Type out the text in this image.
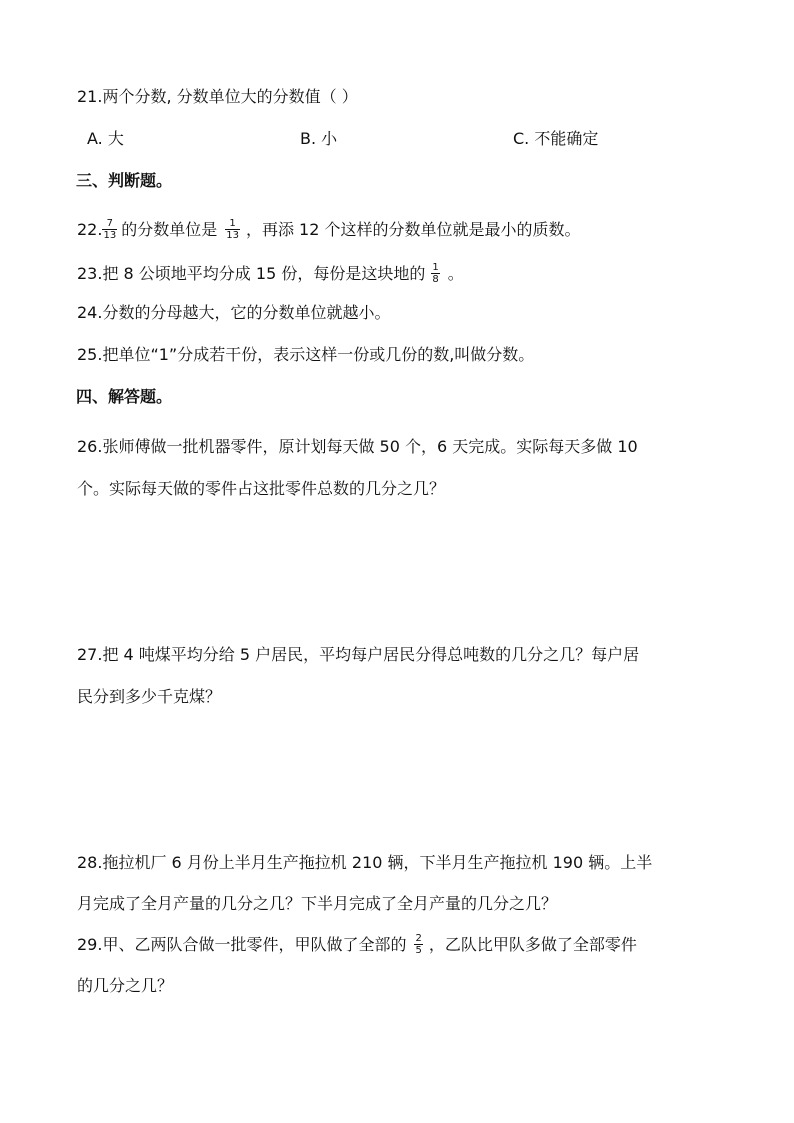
21.两个分数, 分数单位大的分数值（ ）
A. 大	B. 小	C. 不能确定
三、判断题。
22. $\frac{7}{13}$ 的分数单位是 $\frac{1}{13}$ ，再添 12 个这样的分数单位就是最小的质数。
23.把 8 公顷地平均分成 15 份，每份是这块地的 $\frac{1}{8}$ 。
24.分数的分母越大，它的分数单位就越小。
25.把单位“1”分成若干份，表示这样一份或几份的数,叫做分数。
四、解答题。
26.张师傅做一批机器零件，原计划每天做 50 个，6 天完成。实际每天多做 10
个。实际每天做的零件占这批零件总数的几分之几？
27.把 4 吨煤平均分给 5 户居民，平均每户居民分得总吨数的几分之几？每户居
民分到多少千克煤？
28.拖拉机厂 6 月份上半月生产拖拉机 210 辆，下半月生产拖拉机 190 辆。上半
月完成了全月产量的几分之几？下半月完成了全月产量的几分之几？
29.甲、乙两队合做一批零件，甲队做了全部的 $\frac{2}{5}$ ，乙队比甲队多做了全部零件
的几分之几？
